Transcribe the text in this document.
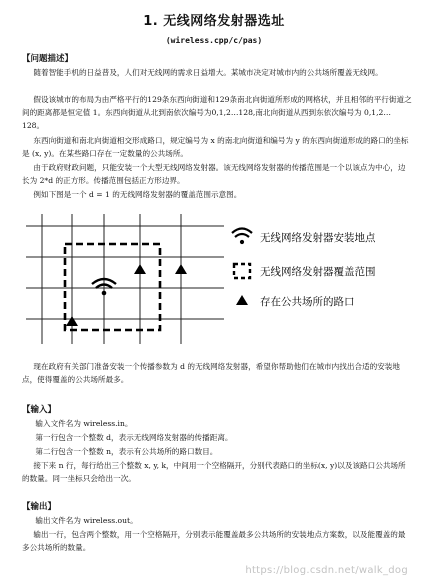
1. 无线网络发射器选址
(wireless.cpp/c/pas)
【问题描述】

随着智能手机的日益普及，人们对无线网的需求日益增大。某城市决定对城市内的公共场所覆盖无线网。

假设该城市的布局为由严格平行的129条东西向街道和129条南北向街道所形成的网格状，并且相邻的平行街道之间的距离都是恒定值 1。东西向街道从北到南依次编号为0,1,2…128,南北向街道从西到东依次编号为 0,1,2…128。

东西向街道和南北向街道相交形成路口，规定编号为 x 的南北向街道和编号为 y 的东西向街道形成的路口的坐标是 (x, y)。在某些路口存在一定数量的公共场所。

由于政府财政问题，只能安装一个大型无线网络发射器。该无线网络发射器的传播范围是一个以该点为中心，边长为 2*d 的正方形。传播范围包括正方形边界。

例如下图是一个 d = 1 的无线网络发射器的覆盖范围示意图。

无线网络发射器安装地点
无线网络发射器覆盖范围
存在公共场所的路口

现在政府有关部门准备安装一个传播参数为 d 的无线网络发射器，希望你帮助他们在城市内找出合适的安装地点，使得覆盖的公共场所最多。

【输入】

输入文件名为 wireless.in。

第一行包含一个整数 d，表示无线网络发射器的传播距离。

第二行包含一个整数 n，表示有公共场所的路口数目。

接下来 n 行，每行给出三个整数 x, y, k，中间用一个空格隔开，分别代表路口的坐标(x, y)以及该路口公共场所的数量。同一坐标只会给出一次。

【输出】

输出文件名为 wireless.out。

输出一行，包含两个整数，用一个空格隔开，分别表示能覆盖最多公共场所的安装地点方案数，以及能覆盖的最多公共场所的数量。

https://blog.csdn.net/walk_dog
